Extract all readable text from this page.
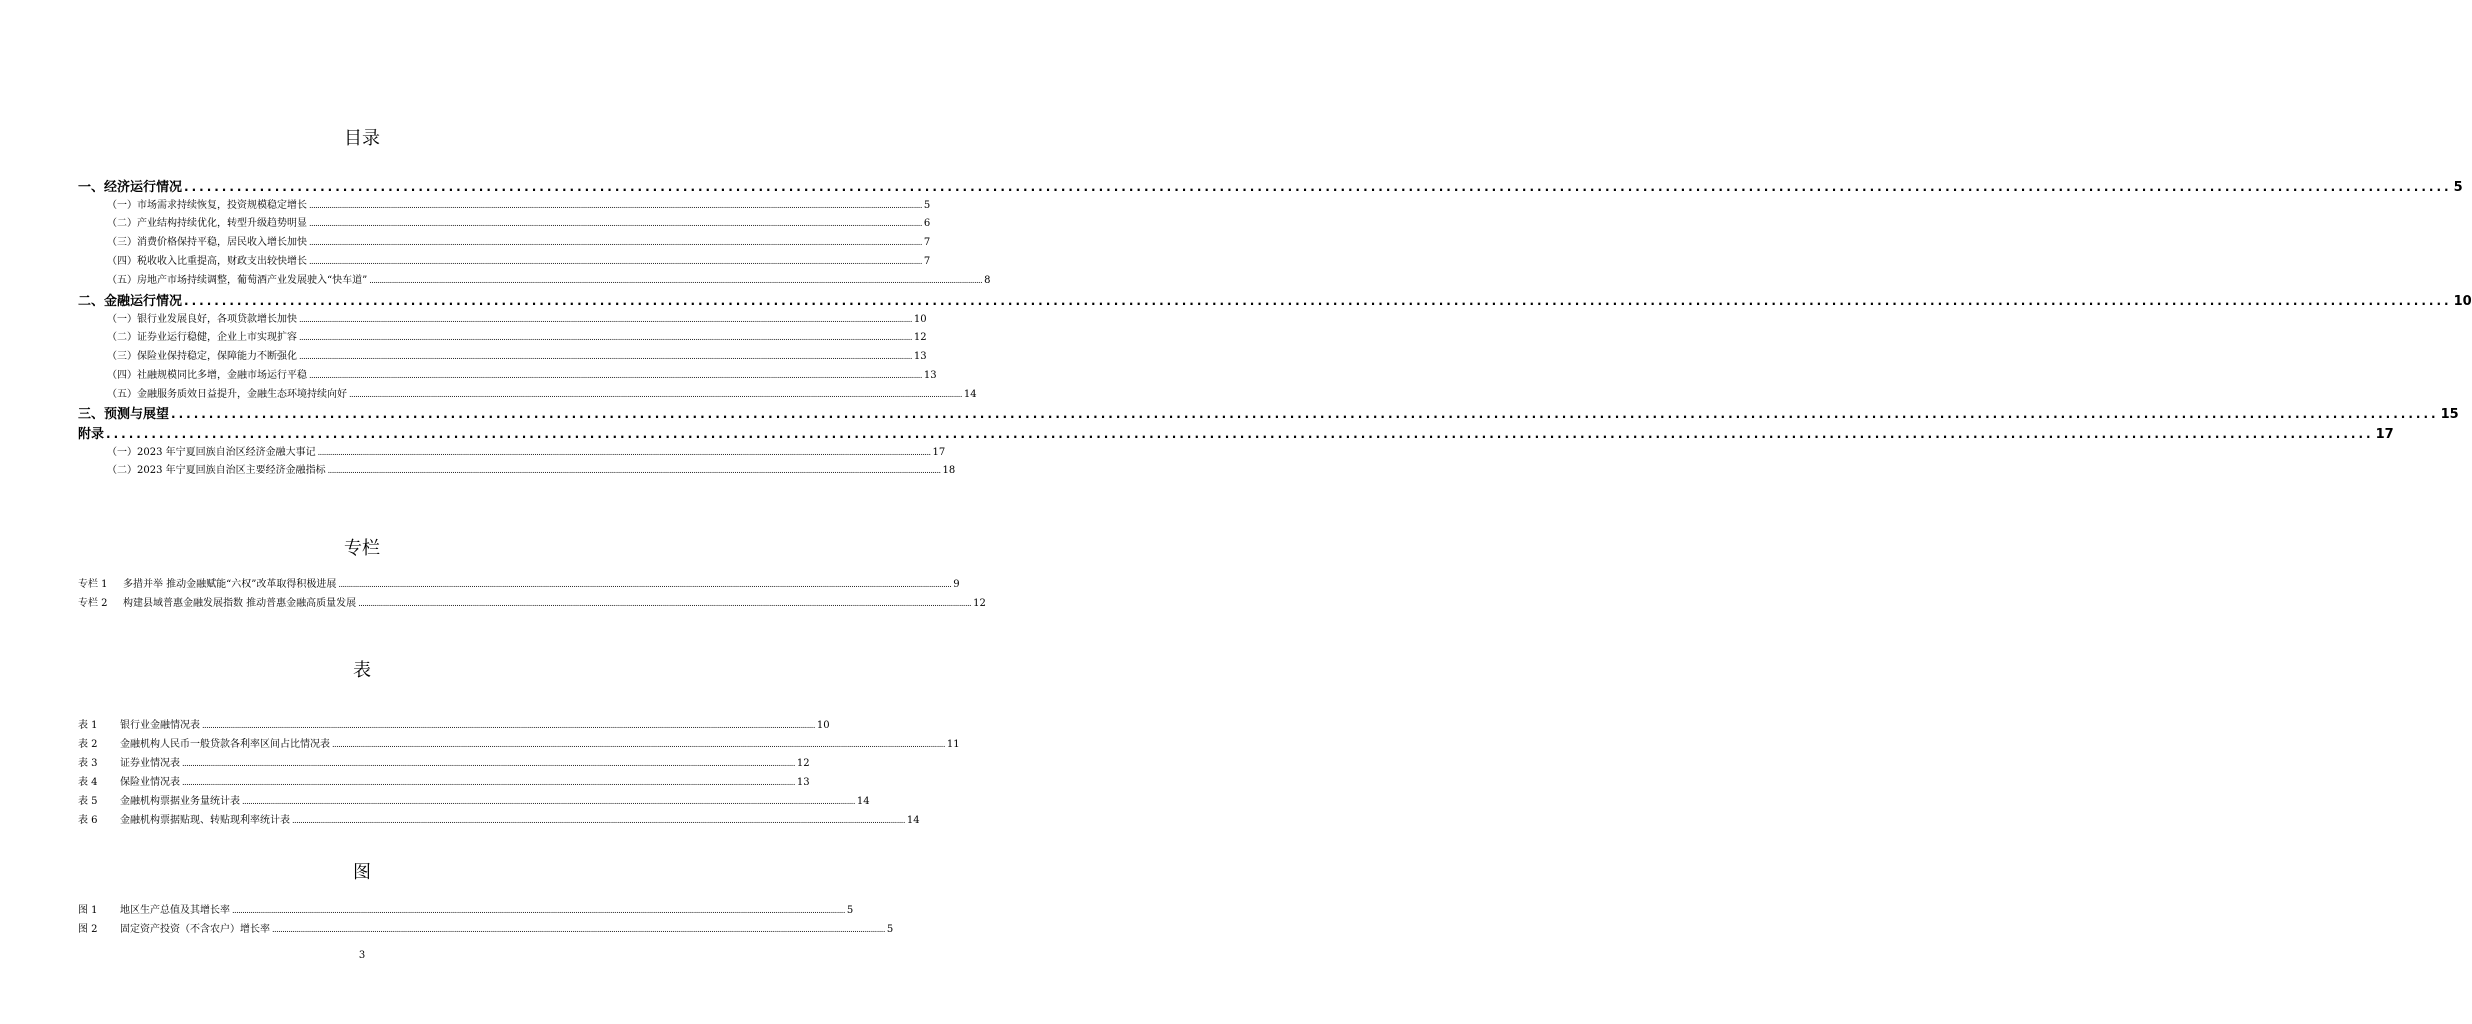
目录
专栏
表
图
一、经济运行情况 ............................................................................................................................................................................................................................................................................................................ 5
（一）市场需求持续恢复，投资规模稳定增长 ............................................................................................................................................................................................................................................................................................................ 5
（二）产业结构持续优化，转型升级趋势明显 ............................................................................................................................................................................................................................................................................................................ 6
（三）消费价格保持平稳，居民收入增长加快 ............................................................................................................................................................................................................................................................................................................ 7
（四）税收收入比重提高，财政支出较快增长 ............................................................................................................................................................................................................................................................................................................ 7
（五）房地产市场持续调整，葡萄酒产业发展驶入“快车道” ............................................................................................................................................................................................................................................................................................................ 8
二、金融运行情况 ............................................................................................................................................................................................................................................................................................................ 10
（一）银行业发展良好，各项贷款增长加快 ............................................................................................................................................................................................................................................................................................................ 10
（二）证券业运行稳健，企业上市实现扩容 ............................................................................................................................................................................................................................................................................................................ 12
（三）保险业保持稳定，保障能力不断强化 ............................................................................................................................................................................................................................................................................................................ 13
（四）社融规模同比多增，金融市场运行平稳 ............................................................................................................................................................................................................................................................................................................ 13
（五）金融服务质效日益提升，金融生态环境持续向好 ............................................................................................................................................................................................................................................................................................................ 14
三、预测与展望 ............................................................................................................................................................................................................................................................................................................ 15
附录 ............................................................................................................................................................................................................................................................................................................ 17
（一）2023 年宁夏回族自治区经济金融大事记 ............................................................................................................................................................................................................................................................................................................ 17
（二）2023 年宁夏回族自治区主要经济金融指标 ............................................................................................................................................................................................................................................................................................................ 18
专栏 1 多措并举 推动金融赋能“六权”改革取得积极进展 ............................................................................................................................................................................................................................................................................................................ 9
专栏 2 构建县域普惠金融发展指数 推动普惠金融高质量发展 ............................................................................................................................................................................................................................................................................................................ 12
表 1 银行业金融情况表 ............................................................................................................................................................................................................................................................................................................ 10
表 2 金融机构人民币一般贷款各利率区间占比情况表 ............................................................................................................................................................................................................................................................................................................ 11
表 3 证券业情况表 ............................................................................................................................................................................................................................................................................................................ 12
表 4 保险业情况表 ............................................................................................................................................................................................................................................................................................................ 13
表 5 金融机构票据业务量统计表 ............................................................................................................................................................................................................................................................................................................ 14
表 6 金融机构票据贴现、转贴现利率统计表 ............................................................................................................................................................................................................................................................................................................ 14
图 1 地区生产总值及其增长率 ............................................................................................................................................................................................................................................................................................................ 5
图 2 固定资产投资（不含农户）增长率 ............................................................................................................................................................................................................................................................................................................ 5
3
